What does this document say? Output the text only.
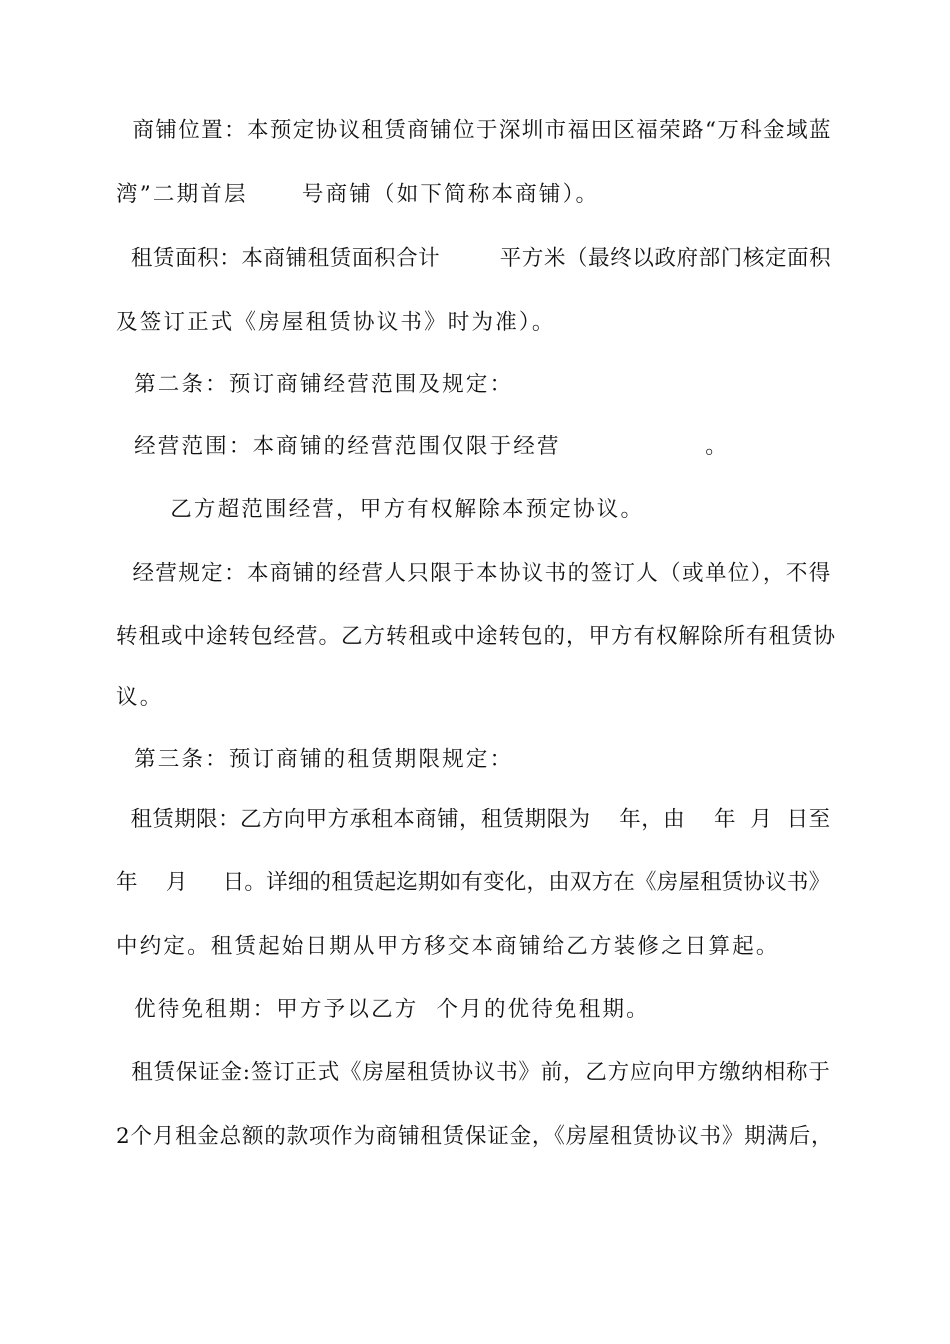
商铺位置：本预定协议租赁商铺位于深圳市福田区福荣路“万科金域蓝
湾”二期首层      号商铺（如下简称本商铺）。
租赁面积：本商铺租赁面积合计        平方米（最终以政府部门核定面积
及签订正式《房屋租赁协议书》时为准）。
第二条：预订商铺经营范围及规定：
经营范围：本商铺的经营范围仅限于经营                。
乙方超范围经营，甲方有权解除本预定协议。
经营规定：本商铺的经营人只限于本协议书的签订人（或单位），不得
转租或中途转包经营。乙方转租或中途转包的，甲方有权解除所有租赁协
议。
第三条：预订商铺的租赁期限规定：
租赁期限：乙方向甲方承租本商铺，租赁期限为    年，由    年  月  日至
年    月     日。详细的租赁起迄期如有变化，由双方在《房屋租赁协议书》
中约定。租赁起始日期从甲方移交本商铺给乙方装修之日算起。
优待免租期：甲方予以乙方  个月的优待免租期。
租赁保证金:签订正式《房屋租赁协议书》前，乙方应向甲方缴纳相称于
2个月租金总额的款项作为商铺租赁保证金，《房屋租赁协议书》期满后，
